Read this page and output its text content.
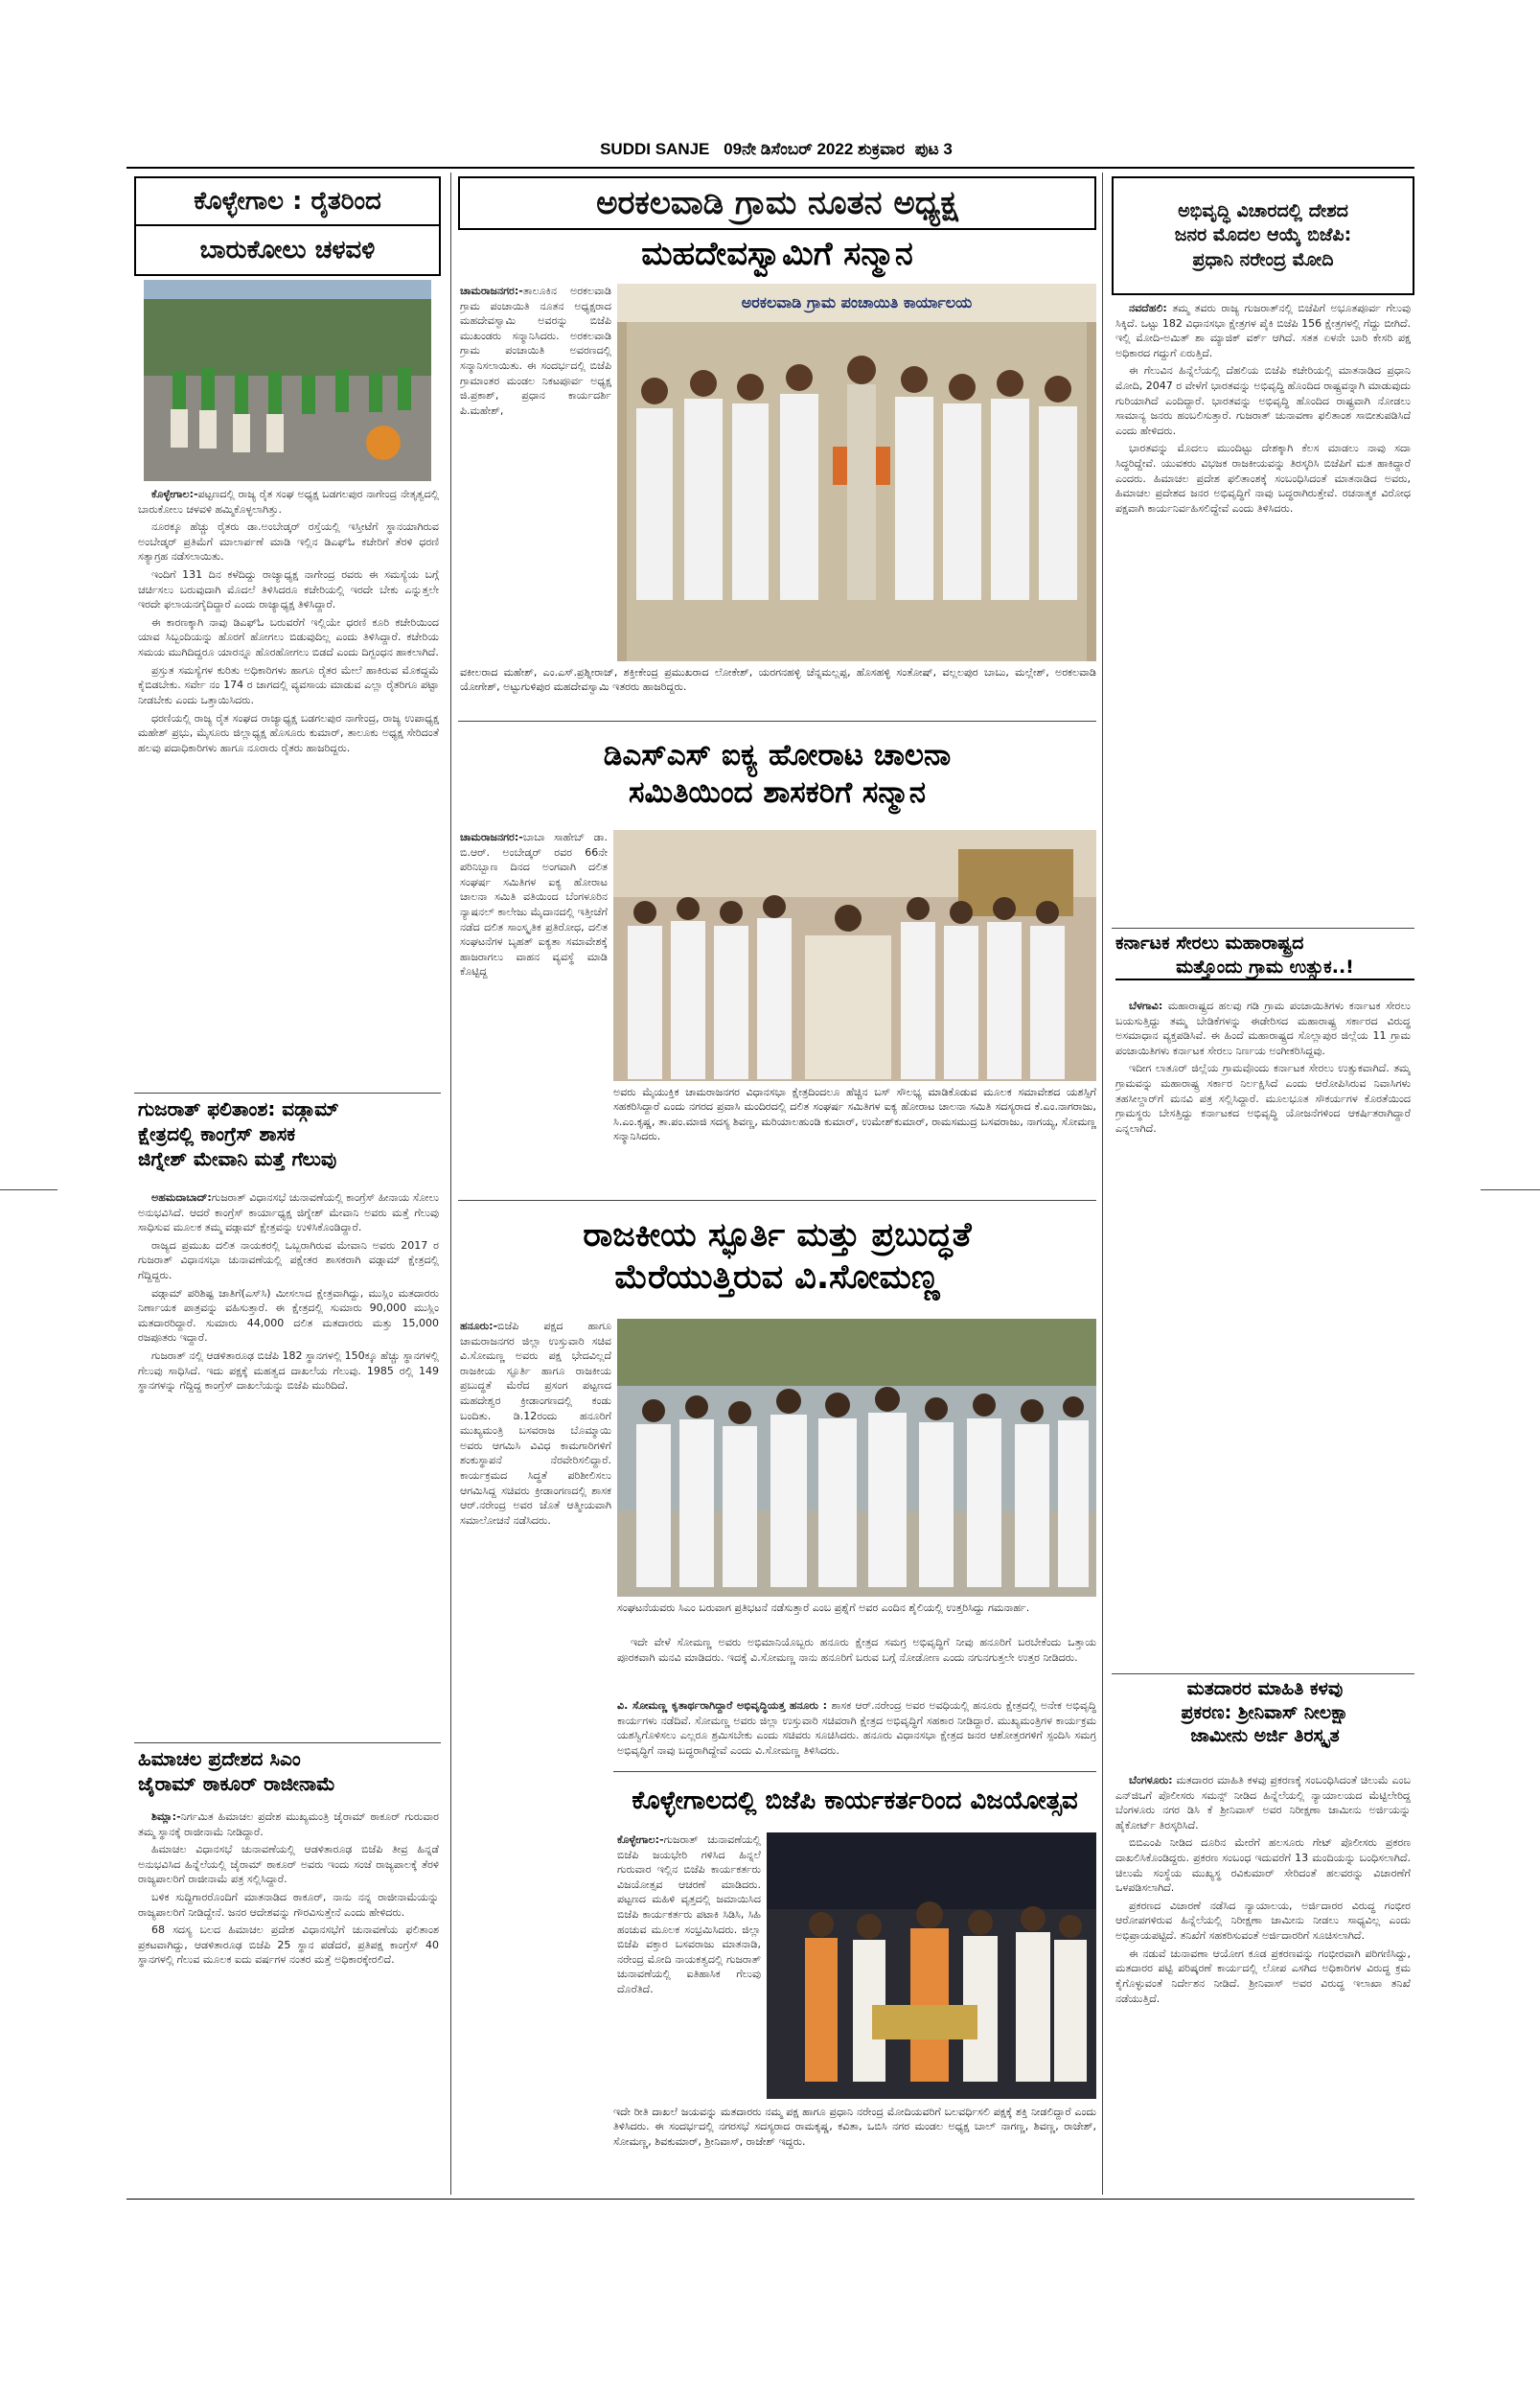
SUDDI SANJE 09ನೇ ಡಿಸೆಂಬರ್ 2022 ಶುಕ್ರವಾರ ಪುಟ 3
ಕೊಳ್ಳೇಗಾಲ : ರೈತರಿಂದ
ಬಾರುಕೋಲು ಚಳವಳಿ

ಕೊಳ್ಳೇಗಾಲ:-ಪಟ್ಟಣದಲ್ಲಿ ರಾಜ್ಯ ರೈತ ಸಂಘ ಅಧ್ಯಕ್ಷ ಬಡಗಲಪುರ ನಾಗೇಂದ್ರ ನೇತೃತ್ವದಲ್ಲಿ ಬಾರುಕೋಲು ಚಳವಳಿ ಹಮ್ಮಿಕೊಳ್ಳಲಾಗಿತ್ತು.

ನೂರಕ್ಕೂ ಹೆಚ್ಚು ರೈತರು ಡಾ.ಅಂಬೇಡ್ಕರ್ ರಸ್ತೆಯಲ್ಲಿ ಇಸ್ತೀಟೆಗೆ ಸ್ಥಾನಯಾಗಿರುವ ಅಂಬೇಡ್ಕರ್ ಪ್ರತಿಮೆಗೆ ಮಾಲಾರ್ಪಣೆ ಮಾಡಿ ಇಲ್ಲಿನ ಡಿಎಫ್‌ಓ ಕಚೇರಿಗೆ ತೆರಳಿ ಧರಣಿ ಸತ್ಯಾಗ್ರಹ ನಡೆಸಲಾಯಿತು.

ಇಂದಿಗೆ 131 ದಿನ ಕಳೆದಿದ್ದು ರಾಜ್ಯಾಧ್ಯಕ್ಷ ನಾಗೇಂದ್ರ ರವರು ಈ ಸಮಸ್ಯೆಯ ಬಗ್ಗೆ ಚರ್ಚಿಸಲು ಬರುವುದಾಗಿ ಮೊದಲೆ ತಿಳಿಸಿದರೂ ಕಚೇರಿಯಲ್ಲಿ ಇರದೇ ಬೇಕು ಎನ್ನುತ್ತಲೇ ಇರದೇ ಫಲಾಯನಗೈದಿದ್ದಾರೆ ಎಂದು ರಾಜ್ಯಾಧ್ಯಕ್ಷ ತಿಳಿಸಿದ್ದಾರೆ.

ಈ ಕಾರಣಕ್ಕಾಗಿ ನಾವು ಡಿಎಫ್‌ಓ ಬರುವರೆಗೆ ಇಲ್ಲಿಯೇ ಧರಣಿ ಕೂರಿ ಕಚೇರಿಯಿಂದ ಯಾವ ಸಿಬ್ಬಂದಿಯನ್ನು ಹೊರಗೆ ಹೋಗಲು ಬಿಡುವುದಿಲ್ಲ ಎಂದು ತಿಳಿಸಿದ್ದಾರೆ. ಕಚೇರಿಯ ಸಮಯ ಮುಗಿದಿದ್ದರೂ ಯಾರನ್ನೂ ಹೊರಹೋಗಲು ಬಿಡದೆ ಎಂದು ದಿಗ್ಬಂಧನ ಹಾಕಲಾಗಿದೆ.

ಪ್ರಸ್ತುತ ಸಮಸ್ಯೆಗಳ ಕುರಿತು ಅಧಿಕಾರಿಗಳು ಹಾಗೂ ರೈತರ ಮೇಲೆ ಹಾಕಿರುವ ಮೊಕದ್ದಮೆ ಕೈಬಿಡಬೇಕು. ಸರ್ವೇ ನಂ 174 ರ ಜಾಗದಲ್ಲಿ ವ್ಯವಸಾಯ ಮಾಡುವ ಎಲ್ಲಾ ರೈತರಿಗೂ ಪಟ್ಟಾ ನೀಡಬೇಕು ಎಂದು ಒತ್ತಾಯಿಸಿದರು.

ಧರಣಿಯಲ್ಲಿ ರಾಜ್ಯ ರೈತ ಸಂಘದ ರಾಜ್ಯಾಧ್ಯಕ್ಷ ಬಡಗಲಪುರ ನಾಗೇಂದ್ರ, ರಾಜ್ಯ ಉಪಾಧ್ಯಕ್ಷ ಮಹೇಶ್ ಪ್ರಭು, ಮೈಸೂರು ಜಿಲ್ಲಾಧ್ಯಕ್ಷ ಹೊಸೂರು ಕುಮಾರ್, ತಾಲೂಕು ಅಧ್ಯಕ್ಷ ಸೇರಿದಂತೆ ಹಲವು ಪದಾಧಿಕಾರಿಗಳು ಹಾಗೂ ನೂರಾರು ರೈತರು ಹಾಜರಿದ್ದರು.

ಗುಜರಾತ್ ಫಲಿತಾಂಶ: ವಡ್ಗಾಮ್
ಕ್ಷೇತ್ರದಲ್ಲಿ ಕಾಂಗ್ರೆಸ್ ಶಾಸಕ
ಜಿಗ್ನೇಶ್ ಮೇವಾನಿ ಮತ್ತೆ ಗೆಲುವು

ಅಹಮದಾಬಾದ್:ಗುಜರಾತ್ ವಿಧಾನಸಭೆ ಚುನಾವಣೆಯಲ್ಲಿ ಕಾಂಗ್ರೆಸ್ ಹೀನಾಯ ಸೋಲು ಅನುಭವಿಸಿದೆ. ಆದರೆ ಕಾಂಗ್ರೆಸ್ ಕಾರ್ಯಾಧ್ಯಕ್ಷ ಜಿಗ್ನೇಶ್ ಮೇವಾನಿ ಅವರು ಮತ್ತೆ ಗೆಲುವು ಸಾಧಿಸುವ ಮೂಲಕ ತಮ್ಮ ವಡ್ಗಾಮ್ ಕ್ಷೇತ್ರವನ್ನು ಉಳಿಸಿಕೊಂಡಿದ್ದಾರೆ.

ರಾಜ್ಯದ ಪ್ರಮುಖ ದಲಿತ ನಾಯಕರಲ್ಲಿ ಒಬ್ಬರಾಗಿರುವ ಮೇವಾನಿ ಅವರು 2017 ರ ಗುಜರಾತ್ ವಿಧಾನಸಭಾ ಚುನಾವಣೆಯಲ್ಲಿ ಪಕ್ಷೇತರ ಶಾಸಕರಾಗಿ ವಡ್ಗಾಮ್ ಕ್ಷೇತ್ರದಲ್ಲಿ ಗೆದ್ದಿದ್ದರು.

ವಡ್ಗಾಮ್ ಪರಿಶಿಷ್ಟ ಜಾತಿಗೆ(ಎಸ್‌ಸಿ) ಮೀಸಲಾದ ಕ್ಷೇತ್ರವಾಗಿದ್ದು, ಮುಸ್ಲಿಂ ಮತದಾರರು ನಿರ್ಣಾಯಕ ಪಾತ್ರವನ್ನು ವಹಿಸುತ್ತಾರೆ. ಈ ಕ್ಷೇತ್ರದಲ್ಲಿ ಸುಮಾರು 90,000 ಮುಸ್ಲಿಂ ಮತದಾರರಿದ್ದಾರೆ. ಸುಮಾರು 44,000 ದಲಿತ ಮತದಾರರು ಮತ್ತು 15,000 ರಜಪೂತರು ಇದ್ದಾರೆ.

ಗುಜರಾತ್ ನಲ್ಲಿ ಆಡಳಿತಾರೂಢ ಬಿಜೆಪಿ 182 ಸ್ಥಾನಗಳಲ್ಲಿ 150ಕ್ಕೂ ಹೆಚ್ಚು ಸ್ಥಾನಗಳಲ್ಲಿ ಗೆಲುವು ಸಾಧಿಸಿದೆ. ಇದು ಪಕ್ಷಕ್ಕೆ ಮಹತ್ವದ ದಾಖಲೆಯ ಗೆಲುವು. 1985 ರಲ್ಲಿ 149 ಸ್ಥಾನಗಳನ್ನು ಗೆದ್ದಿದ್ದ ಕಾಂಗ್ರೆಸ್ ದಾಖಲೆಯನ್ನು ಬಿಜೆಪಿ ಮುರಿದಿದೆ.

ಹಿಮಾಚಲ ಪ್ರದೇಶದ ಸಿಎಂ
ಜೈರಾಮ್ ಠಾಕೂರ್ ರಾಜೀನಾಮೆ

ಶಿಮ್ಲಾ:-ನಿರ್ಗಮಿತ ಹಿಮಾಚಲ ಪ್ರದೇಶ ಮುಖ್ಯಮಂತ್ರಿ ಜೈರಾಮ್ ಠಾಕೂರ್ ಗುರುವಾರ ತಮ್ಮ ಸ್ಥಾನಕ್ಕೆ ರಾಜೀನಾಮೆ ನೀಡಿದ್ದಾರೆ.

ಹಿಮಾಚಲ ವಿಧಾನಸಭೆ ಚುನಾವಣೆಯಲ್ಲಿ ಆಡಳಿತಾರೂಢ ಬಿಜೆಪಿ ತೀವ್ರ ಹಿನ್ನಡೆ ಅನುಭವಿಸಿದ ಹಿನ್ನೆಲೆಯಲ್ಲಿ ಜೈರಾಮ್ ಠಾಕೂರ್ ಅವರು ಇಂದು ಸಂಜೆ ರಾಜ್ಯಪಾಲಕ್ಕೆ ತೆರಳಿ ರಾಜ್ಯಪಾಲರಿಗೆ ರಾಜೀನಾಮೆ ಪತ್ರ ಸಲ್ಲಿಸಿದ್ದಾರೆ.

ಬಳಿಕ ಸುದ್ದಿಗಾರರೊಂದಿಗೆ ಮಾತನಾಡಿದ ಠಾಕೂರ್, ನಾನು ನನ್ನ ರಾಜೀನಾಮೆಯನ್ನು ರಾಜ್ಯಪಾಲರಿಗೆ ನೀಡಿದ್ದೇನೆ. ಜನರ ಆದೇಶವನ್ನು ಗೌರವಿಸುತ್ತೇನೆ ಎಂದು ಹೇಳಿದರು.

68 ಸದಸ್ಯ ಬಲದ ಹಿಮಾಚಲ ಪ್ರದೇಶ ವಿಧಾನಸಭೆಗೆ ಚುನಾವಣೆಯ ಫಲಿತಾಂಶ ಪ್ರಕಟವಾಗಿದ್ದು, ಆಡಳಿತಾರೂಢ ಬಿಜೆಪಿ 25 ಸ್ಥಾನ ಪಡೆದರೆ, ಪ್ರತಿಪಕ್ಷ ಕಾಂಗ್ರೆಸ್ 40 ಸ್ಥಾನಗಳಲ್ಲಿ ಗೆಲುವ ಮೂಲಕ ಐದು ವರ್ಷಗಳ ನಂತರ ಮತ್ತೆ ಅಧಿಕಾರಕ್ಕೇರಲಿದೆ.

ಅರಕಲವಾಡಿ ಗ್ರಾಮ ನೂತನ ಅಧ್ಯಕ್ಷ
ಮಹದೇವಸ್ವಾಮಿಗೆ ಸನ್ಮಾನ

ಚಾಮರಾಜನಗರ:-ತಾಲೂಕಿನ ಅರಕಲವಾಡಿ ಗ್ರಾಮ ಪಂಚಾಯಿತಿ ನೂತನ ಅಧ್ಯಕ್ಷರಾದ ಮಹದೇವಸ್ವಾಮಿ ಅವರನ್ನು ಬಿಜೆಪಿ ಮುಖಂಡರು ಸನ್ಮಾನಿಸಿದರು. ಅರಕಲವಾಡಿ ಗ್ರಾಮ ಪಂಚಾಯಿತಿ ಅವರಣದಲ್ಲಿ ಸನ್ಮಾನಿಸಲಾಯಿತು. ಈ ಸಂದರ್ಭದಲ್ಲಿ ಬಿಜೆಪಿ ಗ್ರಾಮಾಂತರ ಮಂಡಲ ನಿಕಟಪೂರ್ವ ಅಧ್ಯಕ್ಷ ಜಿ.ಪ್ರಕಾಶ್, ಪ್ರಧಾನ ಕಾರ್ಯದರ್ಶಿ ಪಿ.ಮಹೇಶ್,

ಅರಕಲವಾಡಿ ಗ್ರಾಮ ಪಂಚಾಯಿತಿ ಕಾರ್ಯಾಲಯ
ವಕೀಲರಾದ ಮಹೇಶ್, ಎಂ.ಎಸ್.ಪ್ರಶ್ನೀರಾಜ್, ಶಕ್ತೀಕೇಂದ್ರ ಪ್ರಮುಖರಾದ ಲೋಕೇಶ್, ಯರಗನಹಳ್ಳಿ ಚೆನ್ನಮಲ್ಲಪ್ಪ, ಹೊಸಹಳ್ಳಿ ಸಂತೋಷ್, ವಲ್ಲಲಪುರ ಬಾಬು, ಮಲ್ಲೇಶ್, ಅರಕಲವಾಡಿ ಯೋಗೇಶ್, ಅಟ್ಟುಗುಳಿಪುರ ಮಹದೇವಸ್ವಾಮಿ ಇತರರು ಹಾಜರಿದ್ದರು.
ಡಿಎಸ್‌ಎಸ್ ಐಕ್ಯ ಹೋರಾಟ ಚಾಲನಾ
ಸಮಿತಿಯಿಂದ ಶಾಸಕರಿಗೆ ಸನ್ಮಾನ

ಚಾಮರಾಜನಗರ:-ಬಾಬಾ ಸಾಹೇಬ್ ಡಾ. ಬಿ.ಆರ್. ಅಂಬೇಡ್ಕರ್ ರವರ 66ನೇ ಪರಿನಿಬ್ಬಾಣ ದಿನದ ಅಂಗವಾಗಿ ದಲಿತ ಸಂಘರ್ಷ ಸಮಿತಿಗಳ ಐಕ್ಯ ಹೋರಾಟ ಚಾಲನಾ ಸಮಿತಿ ವತಿಯಿಂದ ಬೆಂಗಳೂರಿನ ನ್ಯಾಷನಲ್ ಕಾಲೇಜು ಮೈದಾನದಲ್ಲಿ ಇತ್ತೀಚೆಗೆ ನಡೆದ ದಲಿತ ಸಾಂಸ್ಕೃತಿಕ ಪ್ರತಿರೋಧ, ದಲಿತ ಸಂಘಟನೆಗಳ ಬೃಹತ್ ಐಕ್ಯತಾ ಸಮಾವೇಶಕ್ಕೆ ಹಾಜರಾಗಲು ವಾಹನ ವ್ಯವಸ್ಥೆ ಮಾಡಿ ಕೊಟ್ಟಿದ್ದ

ಅವರು ಮೈಯುಕ್ತಿಕ ಚಾಮರಾಜನಗರ ವಿಧಾನಸಭಾ ಕ್ಷೇತ್ರದಿಂದಲೂ ಹೆಚ್ಚಿನ ಬಸ್ ಸೌಲಭ್ಯ ಮಾಡಿಕೊಡುವ ಮೂಲಕ ಸಮಾವೇಶದ ಯಶಸ್ಸಿಗೆ ಸಹಕರಿಸಿದ್ದಾರೆ ಎಂದು ನಗರದ ಪ್ರವಾಸಿ ಮಂದಿರದಲ್ಲಿ ದಲಿತ ಸಂಘರ್ಷ ಸಮಿತಿಗಳ ಐಕ್ಯ ಹೋರಾಟ ಚಾಲನಾ ಸಮಿತಿ ಸದಸ್ಯರಾದ ಕೆ.ಎಂ.ನಾಗರಾಜು, ಸಿ.ಎಂ.ಕೃಷ್ಣ, ತಾ.ಪಂ.ಮಾಜಿ ಸದಸ್ಯ ಶಿವಣ್ಣ, ಮರಿಯಾಲಹುಂಡಿ ಕುಮಾರ್, ಉಮೇಶ್‌ಕುಮಾರ್, ರಾಮಸಮುದ್ರ ಬಸವರಾಜು, ನಾಗಯ್ಯ, ಸೋಮಣ್ಣ ಸನ್ಮಾನಿಸಿದರು.
ರಾಜಕೀಯ ಸ್ಫೂರ್ತಿ ಮತ್ತು ಪ್ರಬುದ್ಧತೆ
ಮೆರೆಯುತ್ತಿರುವ ವಿ.ಸೋಮಣ್ಣ

ಹನೂರು:-ಬಿಜೆಪಿ ಪಕ್ಷದ ಹಾಗೂ ಚಾಮರಾಜನಗರ ಜಿಲ್ಲಾ ಉಸ್ತುವಾರಿ ಸಚಿವ ವಿ.ಸೋಮಣ್ಣ ಅವರು ಪಕ್ಷ ಭೇದವಿಲ್ಲದೆ ರಾಜಕೀಯ ಸ್ಫೂರ್ತಿ ಹಾಗೂ ರಾಜಕೀಯ ಪ್ರಬುದ್ಧತೆ ಮೆರೆದ ಪ್ರಸಂಗ ಪಟ್ಟಣದ ಮಹದೇಶ್ವರ ಕ್ರೀಡಾಂಗಣದಲ್ಲಿ ಕಂಡು ಬಂದಿತು. ಡಿ.12ರಂದು ಹನೂರಿಗೆ ಮುಖ್ಯಮಂತ್ರಿ ಬಸವರಾಜ ಬೊಮ್ಮಾಯಿ ಅವರು ಆಗಮಿಸಿ ವಿವಿಧ ಕಾಮಗಾರಿಗಳಿಗೆ ಶಂಕುಸ್ಥಾಪನೆ ನೆರವೇರಿಸಲಿದ್ದಾರೆ. ಕಾರ್ಯಕ್ರಮದ ಸಿದ್ಧತೆ ಪರಿಶೀಲಿಸಲು ಆಗಮಿಸಿದ್ದ ಸಚಿವರು ಕ್ರೀಡಾಂಗಣದಲ್ಲಿ ಶಾಸಕ ಆರ್.ನರೇಂದ್ರ ಅವರ ಜೊತೆ ಆತ್ಮೀಯವಾಗಿ ಸಮಾಲೋಚನೆ ನಡೆಸಿದರು.

ಸಂಘಟನೆಯವರು ಸಿಎಂ ಬರುವಾಗ ಪ್ರತಿಭಟನೆ ನಡೆಸುತ್ತಾರೆ ಎಂಬ ಪ್ರಶ್ನೆಗೆ ಅವರ ಎಂದಿನ ಶೈಲಿಯಲ್ಲಿ ಉತ್ತರಿಸಿದ್ದು ಗಮನಾರ್ಹ.

ಇದೇ ವೇಳೆ ಸೋಮಣ್ಣ ಅವರು ಅಭಿಮಾನಿಯೊಬ್ಬರು ಹನೂರು ಕ್ಷೇತ್ರದ ಸಮಗ್ರ ಅಭಿವೃದ್ಧಿಗೆ ನೀವು ಹನೂರಿಗೆ ಬರಬೇಕೆಂದು ಒತ್ತಾಯ ಪೂರಕವಾಗಿ ಮನವಿ ಮಾಡಿದರು. ಇದಕ್ಕೆ ವಿ.ಸೋಮಣ್ಣ ನಾನು ಹನೂರಿಗೆ ಬರುವ ಬಗ್ಗೆ ನೋಡೋಣ ಎಂದು ನಗುನಗುತ್ತಲೇ ಉತ್ತರ ನೀಡಿದರು.

ವಿ. ಸೋಮಣ್ಣ ಕೃತಾರ್ಥರಾಗಿದ್ದಾರೆ ಅಭಿವೃದ್ಧಿಯತ್ತ ಹನೂರು : ಶಾಸಕ ಆರ್.ನರೇಂದ್ರ ಅವರ ಅವಧಿಯಲ್ಲಿ ಹನೂರು ಕ್ಷೇತ್ರದಲ್ಲಿ ಅನೇಕ ಅಭಿವೃದ್ಧಿ ಕಾರ್ಯಗಳು ನಡೆದಿವೆ. ಸೋಮಣ್ಣ ಅವರು ಜಿಲ್ಲಾ ಉಸ್ತುವಾರಿ ಸಚಿವರಾಗಿ ಕ್ಷೇತ್ರದ ಅಭಿವೃದ್ಧಿಗೆ ಸಹಕಾರ ನೀಡಿದ್ದಾರೆ. ಮುಖ್ಯಮಂತ್ರಿಗಳ ಕಾರ್ಯಕ್ರಮ ಯಶಸ್ವಿಗೊಳಿಸಲು ಎಲ್ಲರೂ ಶ್ರಮಿಸಬೇಕು ಎಂದು ಸಚಿವರು ಸೂಚಿಸಿದರು. ಹನೂರು ವಿಧಾನಸಭಾ ಕ್ಷೇತ್ರದ ಜನರ ಆಶೋತ್ತರಗಳಿಗೆ ಸ್ಪಂದಿಸಿ ಸಮಗ್ರ ಅಭಿವೃದ್ಧಿಗೆ ನಾವು ಬದ್ಧರಾಗಿದ್ದೇವೆ ಎಂದು ವಿ.ಸೋಮಣ್ಣ ತಿಳಿಸಿದರು.

ಕೊಳ್ಳೇಗಾಲದಲ್ಲಿ ಬಿಜೆಪಿ ಕಾರ್ಯಕರ್ತರಿಂದ ವಿಜಯೋತ್ಸವ

ಕೊಳ್ಳೇಗಾಲ:-ಗುಜರಾತ್ ಚುನಾವಣೆಯಲ್ಲಿ ಬಿಜೆಪಿ ಜಯಭೇರಿ ಗಳಿಸಿದ ಹಿನ್ನಲೆ ಗುರುವಾರ ಇಲ್ಲಿನ ಬಿಜೆಪಿ ಕಾರ್ಯಕರ್ತರು ವಿಜಯೋತ್ಸವ ಆಚರಣೆ ಮಾಡಿದರು. ಪಟ್ಟಣದ ಮಹಿಳಿ ವೃತ್ತದಲ್ಲಿ ಜಮಾಯಿಸಿದ ಬಿಜೆಪಿ ಕಾರ್ಯಕರ್ತರು ಪಟಾಕಿ ಸಿಡಿಸಿ, ಸಿಹಿ ಹಂಚುವ ಮೂಲಕ ಸಂಭ್ರಮಿಸಿದರು. ಜಿಲ್ಲಾ ಬಿಜೆಪಿ ವಕ್ತಾರ ಬಸವರಾಜು ಮಾತನಾಡಿ, ನರೇಂದ್ರ ಮೋದಿ ನಾಯಕತ್ವದಲ್ಲಿ ಗುಜರಾತ್ ಚುನಾವಣೆಯಲ್ಲಿ ಐತಿಹಾಸಿಕ ಗೆಲುವು ದೊರೆತಿದೆ.

ಇದೇ ರೀತಿ ದಾಖಲೆ ಜಯವನ್ನು ಮತದಾರರು ನಮ್ಮ ಪಕ್ಷ ಹಾಗೂ ಪ್ರಧಾನಿ ನರೇಂದ್ರ ಮೋದಿಯವರಿಗೆ ಬಲವರ್ಧಿಸಲಿ ಪಕ್ಷಕ್ಕೆ ಶಕ್ತಿ ನೀಡಲಿದ್ದಾರೆ ಎಂದು ತಿಳಿಸಿದರು. ಈ ಸಂದರ್ಭದಲ್ಲಿ ನಗರಸಭೆ ಸದಸ್ಯರಾದ ರಾಮಕೃಷ್ಣ, ಕವಿತಾ, ಒಬಿಸಿ ನಗರ ಮಂಡಲ ಅಧ್ಯಕ್ಷ ಬಾಲ್ ನಾಗಣ್ಣ, ಶಿವಣ್ಣ, ರಾಜೇಶ್, ಸೋಮಣ್ಣ, ಶಿವಕುಮಾರ್, ಶ್ರೀನಿವಾಸ್, ರಾಜೇಶ್ ಇದ್ದರು.
ಅಭಿವೃದ್ಧಿ ವಿಚಾರದಲ್ಲಿ ದೇಶದ
ಜನರ ಮೊದಲ ಆಯ್ಕೆ ಬಿಜೆಪಿ:
ಪ್ರಧಾನಿ ನರೇಂದ್ರ ಮೋದಿ

ನವದೆಹಲಿ: ತಮ್ಮ ತವರು ರಾಜ್ಯ ಗುಜರಾತ್‌ನಲ್ಲಿ ಬಿಜೆಪಿಗೆ ಅಭೂತಪೂರ್ವ ಗೆಲುವು ಸಿಕ್ಕಿದೆ. ಒಟ್ಟು 182 ವಿಧಾನಸಭಾ ಕ್ಷೇತ್ರಗಳ ಪೈಕಿ ಬಿಜೆಪಿ 156 ಕ್ಷೇತ್ರಗಳಲ್ಲಿ ಗೆದ್ದು ಬೀಗಿದೆ. ಇಲ್ಲಿ ಮೋದಿ-ಅಮಿತ್ ಶಾ ಮ್ಯಾಜಿಕ್ ವರ್ಕ್ ಆಗಿದೆ. ಸತತ ಏಳನೇ ಬಾರಿ ಕೇಸರಿ ಪಕ್ಷ ಅಧಿಕಾರದ ಗದ್ದುಗೆ ಏರುತ್ತಿದೆ.

ಈ ಗೆಲುವಿನ ಹಿನ್ನೆಲೆಯಲ್ಲಿ ದೆಹಲಿಯ ಬಿಜೆಪಿ ಕಚೇರಿಯಲ್ಲಿ ಮಾತನಾಡಿದ ಪ್ರಧಾನಿ ಮೋದಿ, 2047 ರ ವೇಳೆಗೆ ಭಾರತವನ್ನು ಅಭಿವೃದ್ಧಿ ಹೊಂದಿದ ರಾಷ್ಟ್ರವನ್ನಾಗಿ ಮಾಡುವುದು ಗುರಿಯಾಗಿದೆ ಎಂದಿದ್ದಾರೆ. ಭಾರತವನ್ನು ಅಭಿವೃದ್ಧಿ ಹೊಂದಿದ ರಾಷ್ಟ್ರವಾಗಿ ನೋಡಲು ಸಾಮಾನ್ಯ ಜನರು ಹಂಬಲಿಸುತ್ತಾರೆ. ಗುಜರಾತ್ ಚುನಾವಣಾ ಫಲಿತಾಂಶ ಸಾಬೀತುಪಡಿಸಿದೆ ಎಂದು ಹೇಳಿದರು.

ಭಾರತವನ್ನು ಮೊದಲು ಮುಂದಿಟ್ಟು ದೇಶಕ್ಕಾಗಿ ಕೆಲಸ ಮಾಡಲು ನಾವು ಸದಾ ಸಿದ್ಧರಿದ್ದೇವೆ. ಯುವಕರು ವಿಭಜಕ ರಾಜಕೀಯವನ್ನು ತಿರಸ್ಕರಿಸಿ ಬಿಜೆಪಿಗೆ ಮತ ಹಾಕಿದ್ದಾರೆ ಎಂದರು. ಹಿಮಾಚಲ ಪ್ರದೇಶ ಫಲಿತಾಂಶಕ್ಕೆ ಸಂಬಂಧಿಸಿದಂತೆ ಮಾತನಾಡಿದ ಅವರು, ಹಿಮಾಚಲ ಪ್ರದೇಶದ ಜನರ ಅಭಿವೃದ್ಧಿಗೆ ನಾವು ಬದ್ಧರಾಗಿರುತ್ತೇವೆ. ರಚನಾತ್ಮಕ ವಿರೋಧ ಪಕ್ಷವಾಗಿ ಕಾರ್ಯನಿರ್ವಹಿಸಲಿದ್ದೇವೆ ಎಂದು ತಿಳಿಸಿದರು.

ಕರ್ನಾಟಕ ಸೇರಲು ಮಹಾರಾಷ್ಟ್ರದ
ಮತ್ತೊಂದು ಗ್ರಾಮ ಉತ್ಸುಕ..!

ಬೆಳಗಾವಿ: ಮಹಾರಾಷ್ಟ್ರದ ಹಲವು ಗಡಿ ಗ್ರಾಮ ಪಂಚಾಯಿತಿಗಳು ಕರ್ನಾಟಕ ಸೇರಲು ಬಯಸುತ್ತಿದ್ದು ತಮ್ಮ ಬೇಡಿಕೆಗಳನ್ನು ಈಡೇರಿಸದ ಮಹಾರಾಷ್ಟ್ರ ಸರ್ಕಾರದ ವಿರುದ್ಧ ಅಸಮಾಧಾನ ವ್ಯಕ್ತಪಡಿಸಿವೆ. ಈ ಹಿಂದೆ ಮಹಾರಾಷ್ಟ್ರದ ಸೊಲ್ಲಾಪುರ ಜಿಲ್ಲೆಯ 11 ಗ್ರಾಮ ಪಂಚಾಯಿತಿಗಳು ಕರ್ನಾಟಕ ಸೇರಲು ನಿರ್ಣಯ ಅಂಗೀಕರಿಸಿದ್ದವು.

ಇದೀಗ ಲಾತೂರ್ ಜಿಲ್ಲೆಯ ಗ್ರಾಮವೊಂದು ಕರ್ನಾಟಕ ಸೇರಲು ಉತ್ಸುಕವಾಗಿದೆ. ತಮ್ಮ ಗ್ರಾಮವನ್ನು ಮಹಾರಾಷ್ಟ್ರ ಸರ್ಕಾರ ನಿರ್ಲಕ್ಷಿಸಿದೆ ಎಂದು ಆರೋಪಿಸಿರುವ ನಿವಾಸಿಗಳು ತಹಸೀಲ್ದಾರ್‌ಗೆ ಮನವಿ ಪತ್ರ ಸಲ್ಲಿಸಿದ್ದಾರೆ. ಮೂಲಭೂತ ಸೌಕರ್ಯಗಳ ಕೊರತೆಯಿಂದ ಗ್ರಾಮಸ್ಥರು ಬೇಸತ್ತಿದ್ದು ಕರ್ನಾಟಕದ ಅಭಿವೃದ್ಧಿ ಯೋಜನೆಗಳಿಂದ ಆಕರ್ಷಿತರಾಗಿದ್ದಾರೆ ಎನ್ನಲಾಗಿದೆ.

ಮತದಾರರ ಮಾಹಿತಿ ಕಳವು
ಪ್ರಕರಣ: ಶ್ರೀನಿವಾಸ್ ನೀಲಕ್ಷಾ
ಜಾಮೀನು ಅರ್ಜಿ ತಿರಸ್ಕೃತ

ಬೆಂಗಳೂರು: ಮತದಾರರ ಮಾಹಿತಿ ಕಳವು ಪ್ರಕರಣಕ್ಕೆ ಸಂಬಂಧಿಸಿದಂತೆ ಚಿಲುಮೆ ಎಂಬ ಎನ್‌ಜಿಒಗೆ ಪೊಲೀಸರು ಸಮನ್ಸ್ ನೀಡಿದ ಹಿನ್ನೆಲೆಯಲ್ಲಿ ನ್ಯಾಯಾಲಯದ ಮೆಟ್ಟಿಲೇರಿದ್ದ ಬೆಂಗಳೂರು ನಗರ ಡಿಸಿ ಕೆ ಶ್ರೀನಿವಾಸ್ ಅವರ ನಿರೀಕ್ಷಣಾ ಜಾಮೀನು ಅರ್ಜಿಯನ್ನು ಹೈಕೋರ್ಟ್ ತಿರಸ್ಕರಿಸಿದೆ.

ಬಿಬಿಎಂಪಿ ನೀಡಿದ ದೂರಿನ ಮೇರೆಗೆ ಹಲಸೂರು ಗೇಟ್ ಪೊಲೀಸರು ಪ್ರಕರಣ ದಾಖಲಿಸಿಕೊಂಡಿದ್ದರು. ಪ್ರಕರಣ ಸಂಬಂಧ ಇದುವರೆಗೆ 13 ಮಂದಿಯನ್ನು ಬಂಧಿಸಲಾಗಿದೆ. ಚಿಲುಮೆ ಸಂಸ್ಥೆಯ ಮುಖ್ಯಸ್ಥ ರವಿಕುಮಾರ್ ಸೇರಿದಂತೆ ಹಲವರನ್ನು ವಿಚಾರಣೆಗೆ ಒಳಪಡಿಸಲಾಗಿದೆ.

ಪ್ರಕರಣದ ವಿಚಾರಣೆ ನಡೆಸಿದ ನ್ಯಾಯಾಲಯ, ಅರ್ಜಿದಾರರ ವಿರುದ್ಧ ಗಂಭೀರ ಆರೋಪಗಳಿರುವ ಹಿನ್ನೆಲೆಯಲ್ಲಿ ನಿರೀಕ್ಷಣಾ ಜಾಮೀನು ನೀಡಲು ಸಾಧ್ಯವಿಲ್ಲ ಎಂದು ಅಭಿಪ್ರಾಯಪಟ್ಟಿದೆ. ತನಿಖೆಗೆ ಸಹಕರಿಸುವಂತೆ ಅರ್ಜಿದಾರರಿಗೆ ಸೂಚಿಸಲಾಗಿದೆ.

ಈ ನಡುವೆ ಚುನಾವಣಾ ಆಯೋಗ ಕೂಡ ಪ್ರಕರಣವನ್ನು ಗಂಭೀರವಾಗಿ ಪರಿಗಣಿಸಿದ್ದು, ಮತದಾರರ ಪಟ್ಟಿ ಪರಿಷ್ಕರಣೆ ಕಾರ್ಯದಲ್ಲಿ ಲೋಪ ಎಸಗಿದ ಅಧಿಕಾರಿಗಳ ವಿರುದ್ಧ ಕ್ರಮ ಕೈಗೊಳ್ಳುವಂತೆ ನಿರ್ದೇಶನ ನೀಡಿದೆ. ಶ್ರೀನಿವಾಸ್ ಅವರ ವಿರುದ್ಧ ಇಲಾಖಾ ತನಿಖೆ ನಡೆಯುತ್ತಿದೆ.
